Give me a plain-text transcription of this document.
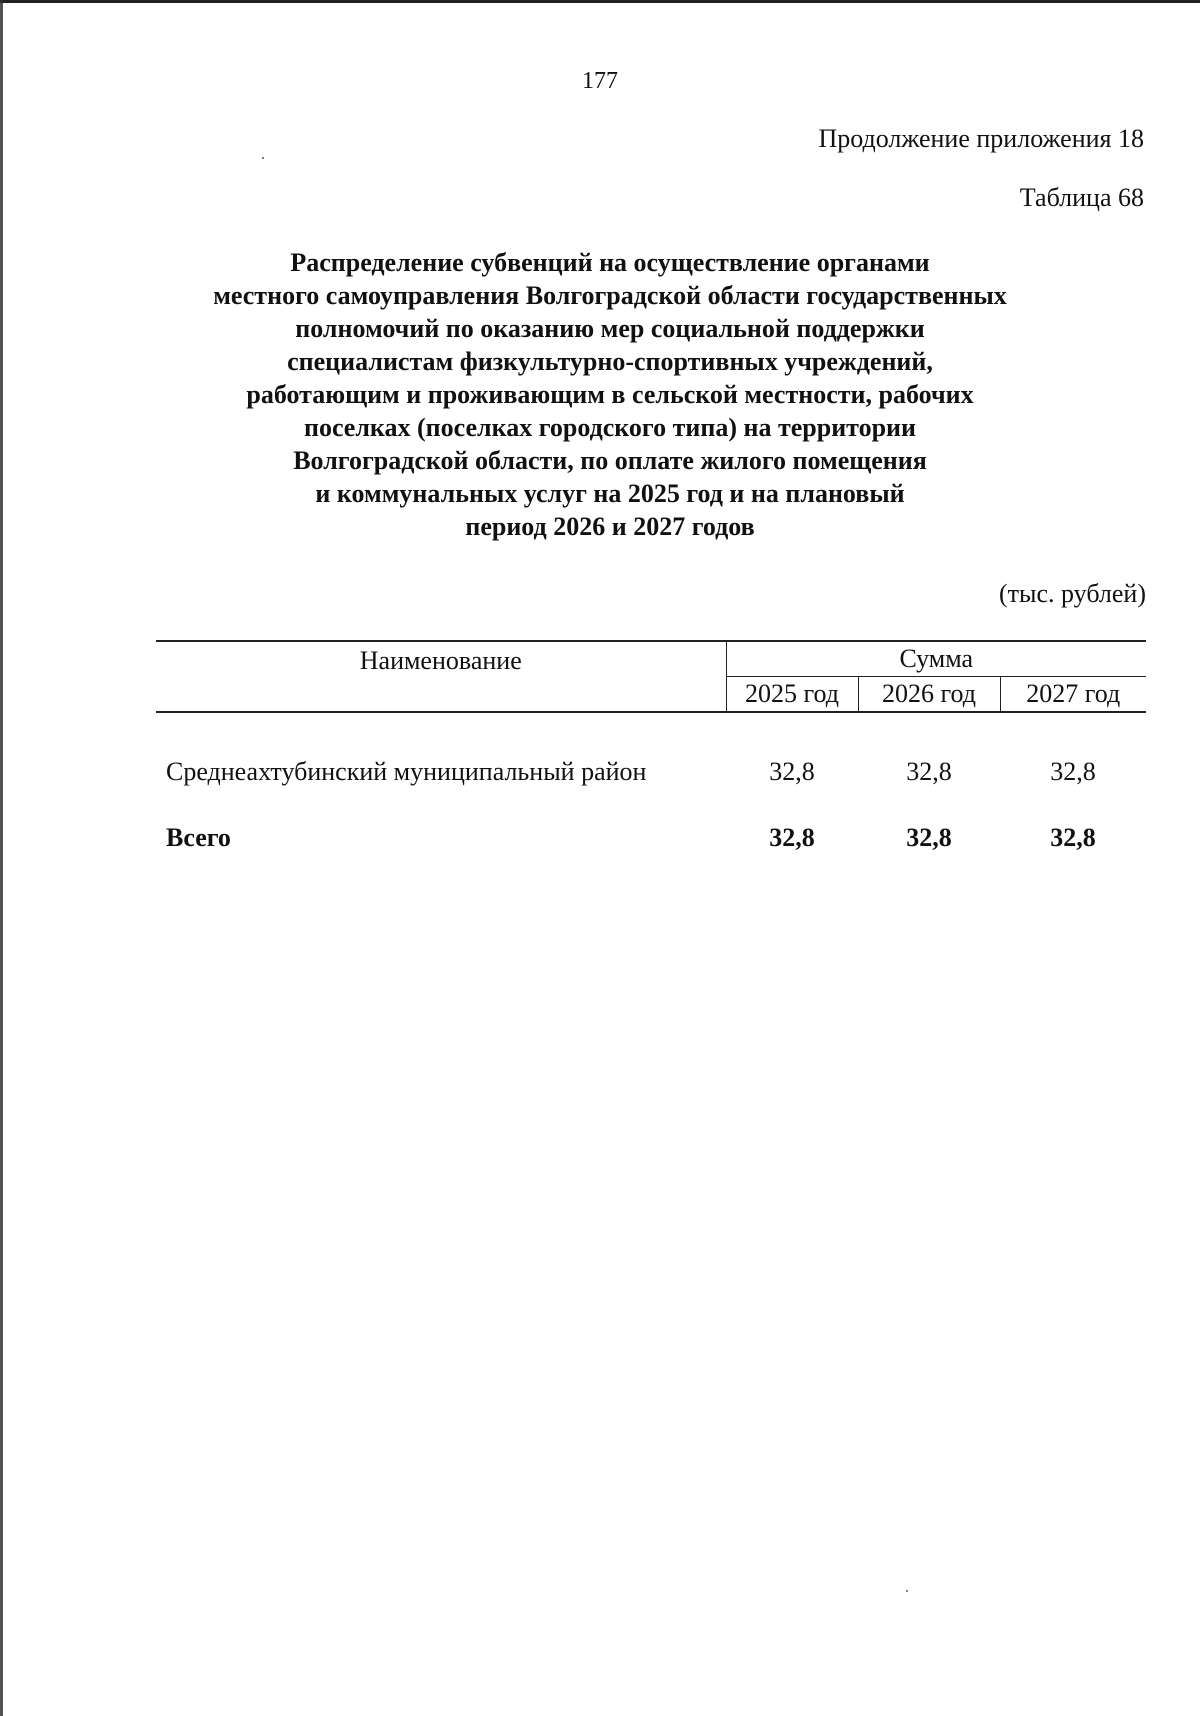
177
Продолжение приложения 18
Таблица 68
Распределение субвенций на осуществление органами
местного самоуправления Волгоградской области государственных
полномочий по оказанию мер социальной поддержки
специалистам физкультурно-спортивных учреждений,
работающим и проживающим в сельской местности, рабочих
поселках (поселках городского типа) на территории
Волгоградской области, по оплате жилого помещения
и коммунальных услуг на 2025 год и на плановый
период 2026 и 2027 годов
(тыс. рублей)
Наименование	Сумма		
	2025 год	2026 год	2027 год

Среднеахтубинский муниципальный район	32,8	32,8	32,8
Всего	32,8	32,8	32,8
